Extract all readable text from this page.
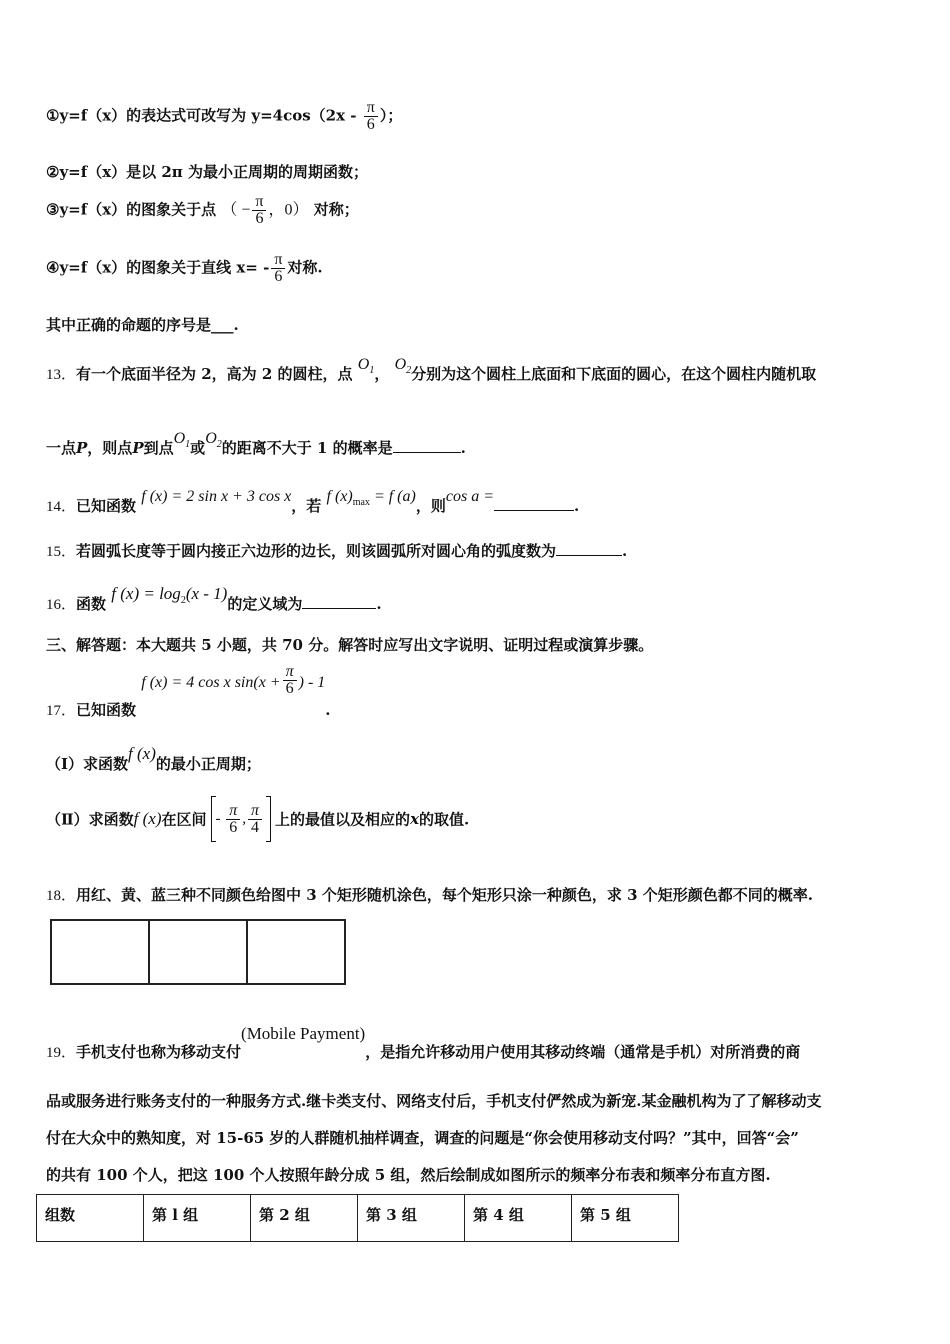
①y=f（x）的表达式可改写为 $y=4\cos(2x - \frac{\pi}{6}$ ）；
②y=f（x）是以 2π 为最小正周期的周期函数；
③y=f（x）的图象关于点 （ − $\frac{\pi}{6}$ ，0） 对称；
④y=f（x）的图象关于直线 $x= - \frac{\pi}{6}$ 对称.
其中正确的命题的序号是___.
13．有一个底面半径为 2，高为 2 的圆柱，点 $O_1$， $O_2$分别为这个圆柱上底面和下底面的圆心，在这个圆柱内随机取
一点P，则点P到点$O_1$或$O_2$的距离不大于 1 的概率是	.
14．已知函数 f (x) = 2 sin x + 3 cos x，若 f $(x)_{max} = f$ (a)，则cos a =.
15．若圆弧长度等于圆内接正六边形的边长，则该圆弧所对圆心角的弧度数为	.
16．函数 f $(x) = \log_2(x - 1)$的定义域为	.
三、解答题：本大题共 5 小题，共 70 分。解答时应写出文字说明、证明过程或演算步骤。
17．已知函数 f (x) = 4 cos x $\sin(x + \frac{\pi}{6}$ ) - 1.
（Ⅰ）求函数f (x)的最小正周期；
（Ⅱ）求函数f (x)在区间 - $\frac{\pi}{6}$ , $\frac{\pi}{4}$ 上的最值以及相应的x的取值.
18．用红、黄、蓝三种不同颜色给图中 3 个矩形随机涂色，每个矩形只涂一种颜色，求 3 个矩形颜色都不同的概率.

19．手机支付也称为移动支付(Mobile Payment)，是指允许移动用户使用其移动终端（通常是手机）对所消费的商
品或服务进行账务支付的一种服务方式.继卡类支付、网络支付后，手机支付俨然成为新宠.某金融机构为了了解移动支
付在大众中的熟知度，对 15-65 岁的人群随机抽样调查，调查的问题是“你会使用移动支付吗？”其中，回答“会”
的共有 100 个人，把这 100 个人按照年龄分成 5 组，然后绘制成如图所示的频率分布表和频率分布直方图.
组数	第 l 组	第 2 组	第 3 组	第 4 组	第 5 组
